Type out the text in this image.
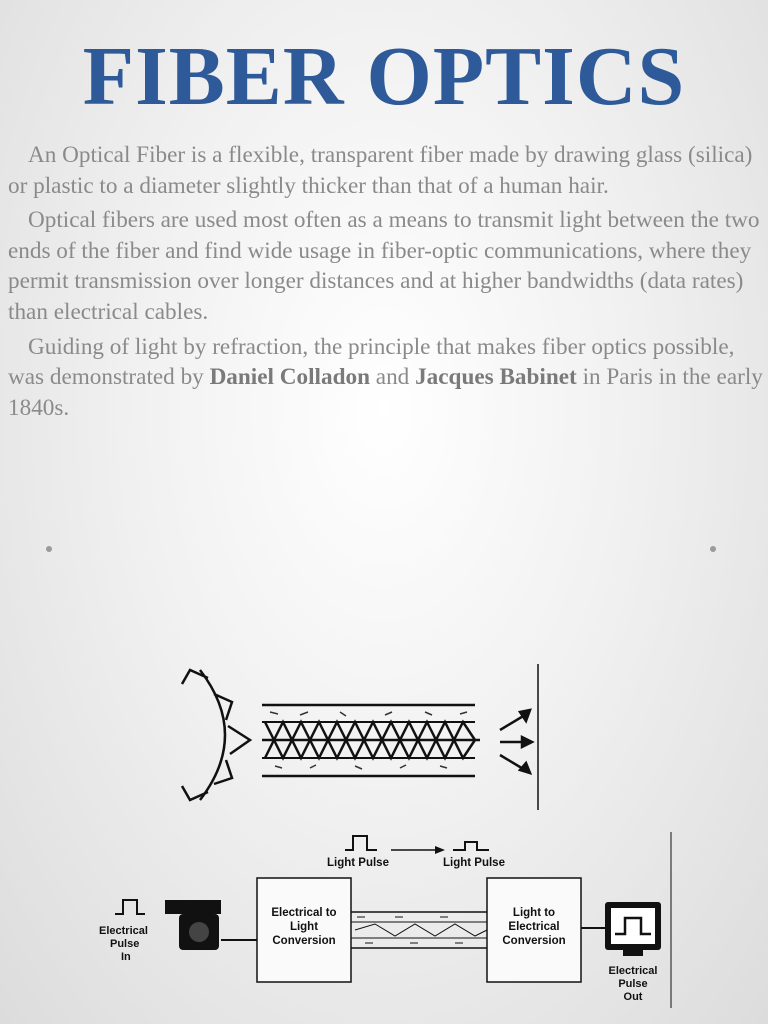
FIBER OPTICS

An Optical Fiber is a flexible, transparent fiber made by drawing glass (silica) or plastic to a diameter slightly thicker than that of a human hair.

Optical fibers are used most often as a means to transmit light between the two ends of the fiber and find wide usage in fiber-optic communications, where they permit transmission over longer distances and at higher bandwidths (data rates) than electrical cables.

Guiding of light by refraction, the principle that makes fiber optics possible, was demonstrated by Daniel Colladon and Jacques Babinet in Paris in the early 1840s.

Light Pulse	Light Pulse
Electrical
Pulse
In
Electrical to
Light
Conversion
Light to
Electrical
Conversion
Electrical
Pulse
Out
